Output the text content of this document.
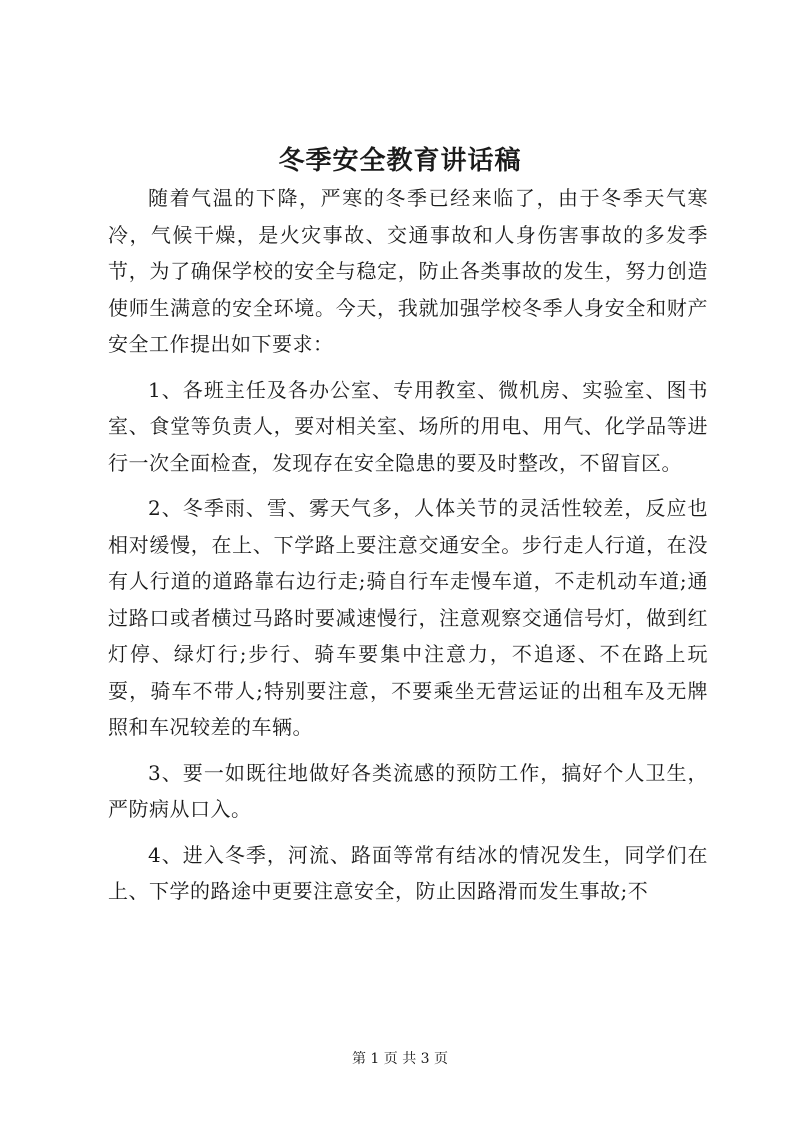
冬季安全教育讲话稿

随着气温的下降，严寒的冬季已经来临了，由于冬季天气寒冷，气候干燥，是火灾事故、交通事故和人身伤害事故的多发季节，为了确保学校的安全与稳定，防止各类事故的发生，努力创造使师生满意的安全环境。今天，我就加强学校冬季人身安全和财产安全工作提出如下要求：

1、各班主任及各办公室、专用教室、微机房、实验室、图书室、食堂等负责人，要对相关室、场所的用电、用气、化学品等进行一次全面检查，发现存在安全隐患的要及时整改，不留盲区。

2、冬季雨、雪、雾天气多，人体关节的灵活性较差，反应也相对缓慢，在上、下学路上要注意交通安全。步行走人行道，在没有人行道的道路靠右边行走;骑自行车走慢车道，不走机动车道;通过路口或者横过马路时要减速慢行，注意观察交通信号灯，做到红灯停、绿灯行;步行、骑车要集中注意力，不追逐、不在路上玩耍，骑车不带人;特别要注意，不要乘坐无营运证的出租车及无牌照和车况较差的车辆。

3、要一如既往地做好各类流感的预防工作，搞好个人卫生，严防病从口入。

4、进入冬季，河流、路面等常有结冰的情况发生，同学们在上、下学的路途中更要注意安全，防止因路滑而发生事故;不

第 1 页 共 3 页
